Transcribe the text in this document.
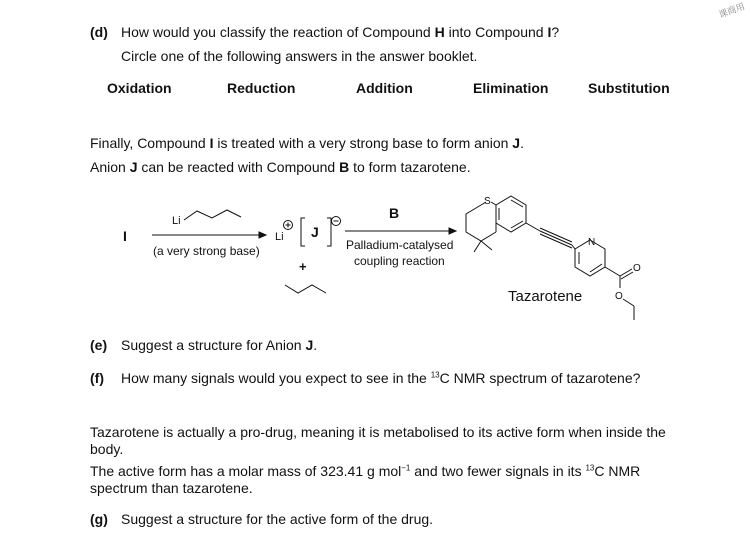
课商用
(d) How would you classify the reaction of Compound H into Compound I?
Circle one of the following answers in the answer booklet.
Oxidation	Reduction	Addition	Elimination	Substitution
Finally, Compound I is treated with a very strong base to form anion J.
Anion J can be reacted with Compound B to form tazarotene.
I
Li
(a very strong base)
Li J
+
B
Palladium-catalysed
coupling reaction
S
N
O
O
Tazarotene
(e) Suggest a structure for Anion J.
(f) How many signals would you expect to see in the $^{13}$C NMR spectrum of tazarotene?
Tazarotene is actually a pro-drug, meaning it is metabolised to its active form when inside the
body.
The active form has a molar mass of 323.41 g mol$^{-1}$ and two fewer signals in its $^{13}$C NMR
spectrum than tazarotene.
(g) Suggest a structure for the active form of the drug.
